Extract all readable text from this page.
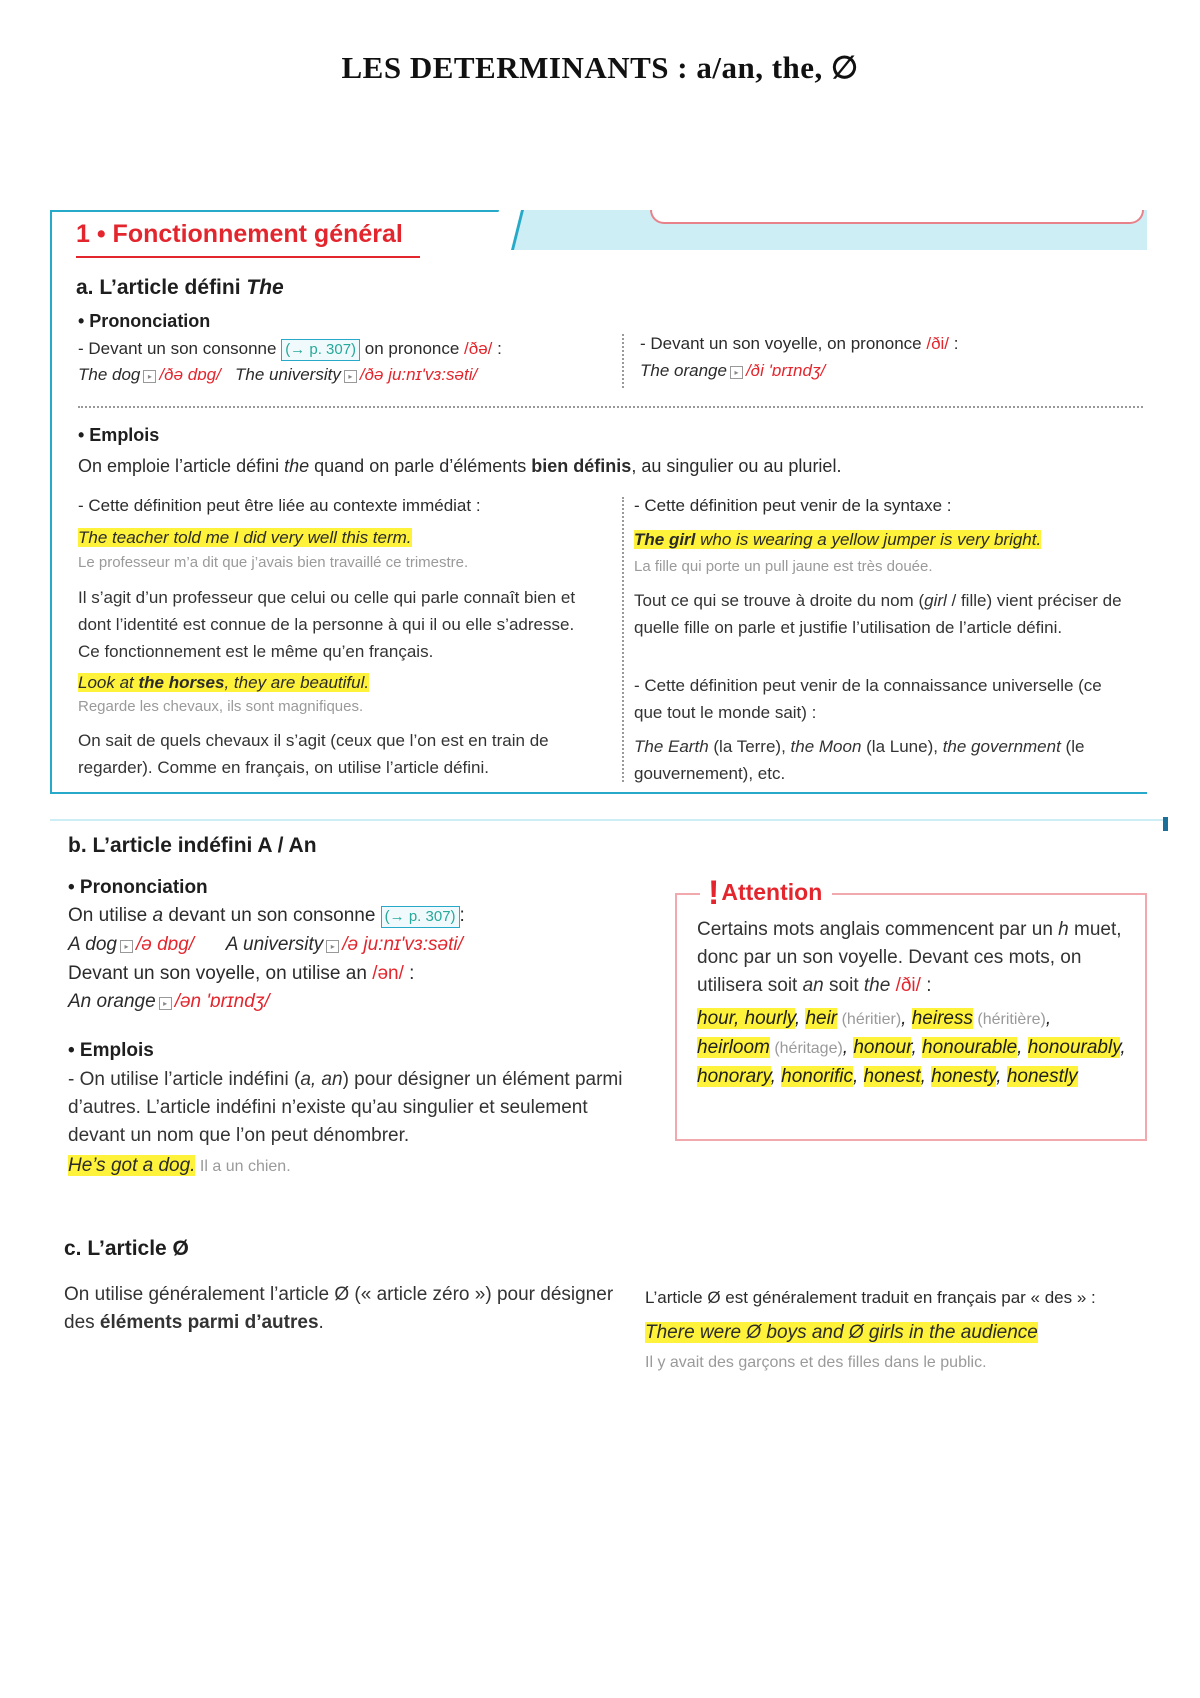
LES DETERMINANTS : a/an, the, ∅
1 • Fonctionnement général
a. L’article défini The
• Prononciation
- Devant un son consonne (→ p. 307) on prononce /ðə/ :
The dog ▸ /ðə dɒg/ The university ▸ /ðə ju:nɪ'vɜ:səti/
- Devant un son voyelle, on prononce /ði/ :
The orange ▸ /ði 'ɒrɪndʒ/
• Emplois
On emploie l’article défini the quand on parle d’éléments bien définis, au singulier ou au pluriel.
- Cette définition peut être liée au contexte immédiat :
The teacher told me I did very well this term.
Le professeur m’a dit que j’avais bien travaillé ce trimestre.
Il s’agit d’un professeur que celui ou celle qui parle connaît bien et dont l’identité est connue de la personne à qui il ou elle s’adresse. Ce fonctionnement est le même qu’en français.
Look at the horses, they are beautiful.
Regarde les chevaux, ils sont magnifiques.
On sait de quels chevaux il s’agit (ceux que l’on est en train de regarder). Comme en français, on utilise l’article défini.
- Cette définition peut venir de la syntaxe :
The girl who is wearing a yellow jumper is very bright.
La fille qui porte un pull jaune est très douée.
Tout ce qui se trouve à droite du nom (girl / fille) vient préciser de quelle fille on parle et justifie l’utilisation de l’article défini.
- Cette définition peut venir de la connaissance universelle (ce que tout le monde sait) :
The Earth (la Terre), the Moon (la Lune), the government (le gouvernement), etc.
b. L’article indéfini A / An
• Prononciation
On utilise a devant un son consonne (→ p. 307) :
A dog ▸ /ə dɒg/ A university ▸ /ə ju:nɪ'vɜ:səti/
Devant un son voyelle, on utilise an /ən/ :
An orange ▸ /ən 'ɒrɪndʒ/
• Emplois
- On utilise l’article indéfini (a, an) pour désigner un élément parmi d’autres. L’article indéfini n’existe qu’au singulier et seulement devant un nom que l’on peut dénombrer.
He’s got a dog. Il a un chien.
!Attention
Certains mots anglais commencent par un h muet, donc par un son voyelle. Devant ces mots, on utilisera soit an soit the /ði/ :
hour, hourly, heir (héritier), heiress (héritière), heirloom (héritage), honour, honourable, honourably, honorary, honorific, honest, honesty, honestly
c. L’article Ø
On utilise généralement l’article Ø (« article zéro ») pour désigner des éléments parmi d’autres.
L’article Ø est généralement traduit en français par « des » :
There were Ø boys and Ø girls in the audience
Il y avait des garçons et des filles dans le public.
